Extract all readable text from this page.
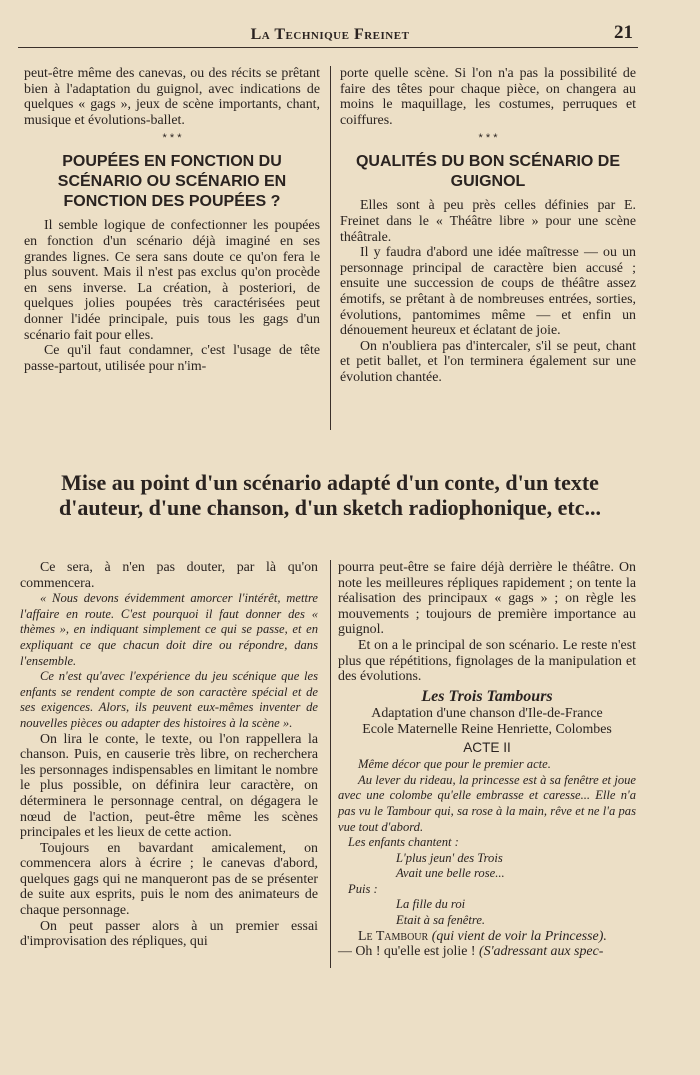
La Technique Freinet	21

peut-être même des canevas, ou des récits se prêtant bien à l'adaptation du guignol, avec indications de quelques « gags », jeux de scène importants, chant, musique et évolutions-ballet.

* * *
POUPÉES EN FONCTION DU SCÉNARIO OU SCÉNARIO EN FONCTION DES POUPÉES ?

Il semble logique de confectionner les poupées en fonction d'un scénario déjà imaginé en ses grandes lignes. Ce sera sans doute ce qu'on fera le plus souvent. Mais il n'est pas exclus qu'on procède en sens inverse. La création, à posteriori, de quelques jolies poupées très caractérisées peut donner l'idée principale, puis tous les gags d'un scénario fait pour elles.

Ce qu'il faut condamner, c'est l'usage de tête passe-partout, utilisée pour n'im-

porte quelle scène. Si l'on n'a pas la possibilité de faire des têtes pour chaque pièce, on changera au moins le maquillage, les costumes, perruques et coiffures.

* * *
QUALITÉS DU BON SCÉNARIO DE GUIGNOL

Elles sont à peu près celles définies par E. Freinet dans le « Théâtre libre » pour une scène théâtrale.

Il y faudra d'abord une idée maîtresse — ou un personnage principal de caractère bien accusé ; ensuite une succession de coups de théâtre assez émotifs, se prêtant à de nombreuses entrées, sorties, évolutions, pantomimes même — et enfin un dénouement heureux et éclatant de joie.

On n'oubliera pas d'intercaler, s'il se peut, chant et petit ballet, et l'on terminera également sur une évolution chantée.

Mise au point d'un scénario adapté d'un conte, d'un texte d'auteur, d'une chanson, d'un sketch radiophonique, etc...

Ce sera, à n'en pas douter, par là qu'on commencera.

« Nous devons évidemment amorcer l'intérêt, mettre l'affaire en route. C'est pourquoi il faut donner des « thèmes », en indiquant simplement ce qui se passe, et en expliquant ce que chacun doit dire ou répondre, dans l'ensemble.

Ce n'est qu'avec l'expérience du jeu scénique que les enfants se rendent compte de son caractère spécial et de ses exigences. Alors, ils peuvent eux-mêmes inventer de nouvelles pièces ou adapter des histoires à la scène ».

On lira le conte, le texte, ou l'on rappellera la chanson. Puis, en causerie très libre, on recherchera les personnages indispensables en limitant le nombre le plus possible, on définira leur caractère, on déterminera le personnage central, on dégagera le nœud de l'action, peut-être même les scènes principales et les lieux de cette action.

Toujours en bavardant amicalement, on commencera alors à écrire ; le canevas d'abord, quelques gags qui ne manqueront pas de se présenter de suite aux esprits, puis le nom des animateurs de chaque personnage.

On peut passer alors à un premier essai d'improvisation des répliques, qui

pourra peut-être se faire déjà derrière le théâtre. On note les meilleures répliques rapidement ; on tente la réalisation des principaux « gags » ; on règle les mouvements ; toujours de première importance au guignol.

Et on a le principal de son scénario. Le reste n'est plus que répétitions, fignolages de la manipulation et des évolutions.

Les Trois Tambours
Adaptation d'une chanson d'Ile-de-France
Ecole Maternelle Reine Henriette, Colombes
ACTE II

Même décor que pour le premier acte.

Au lever du rideau, la princesse est à sa fenêtre et joue avec une colombe qu'elle embrasse et caresse... Elle n'a pas vu le Tambour qui, sa rose à la main, rêve et ne l'a pas vue tout d'abord.

Les enfants chantent :
L'plus jeun' des Trois
Avait une belle rose...
Puis :
La fille du roi
Etait à sa fenêtre.

Le Tambour (qui vient de voir la Princesse).

— Oh ! qu'elle est jolie ! (S'adressant aux spec-
